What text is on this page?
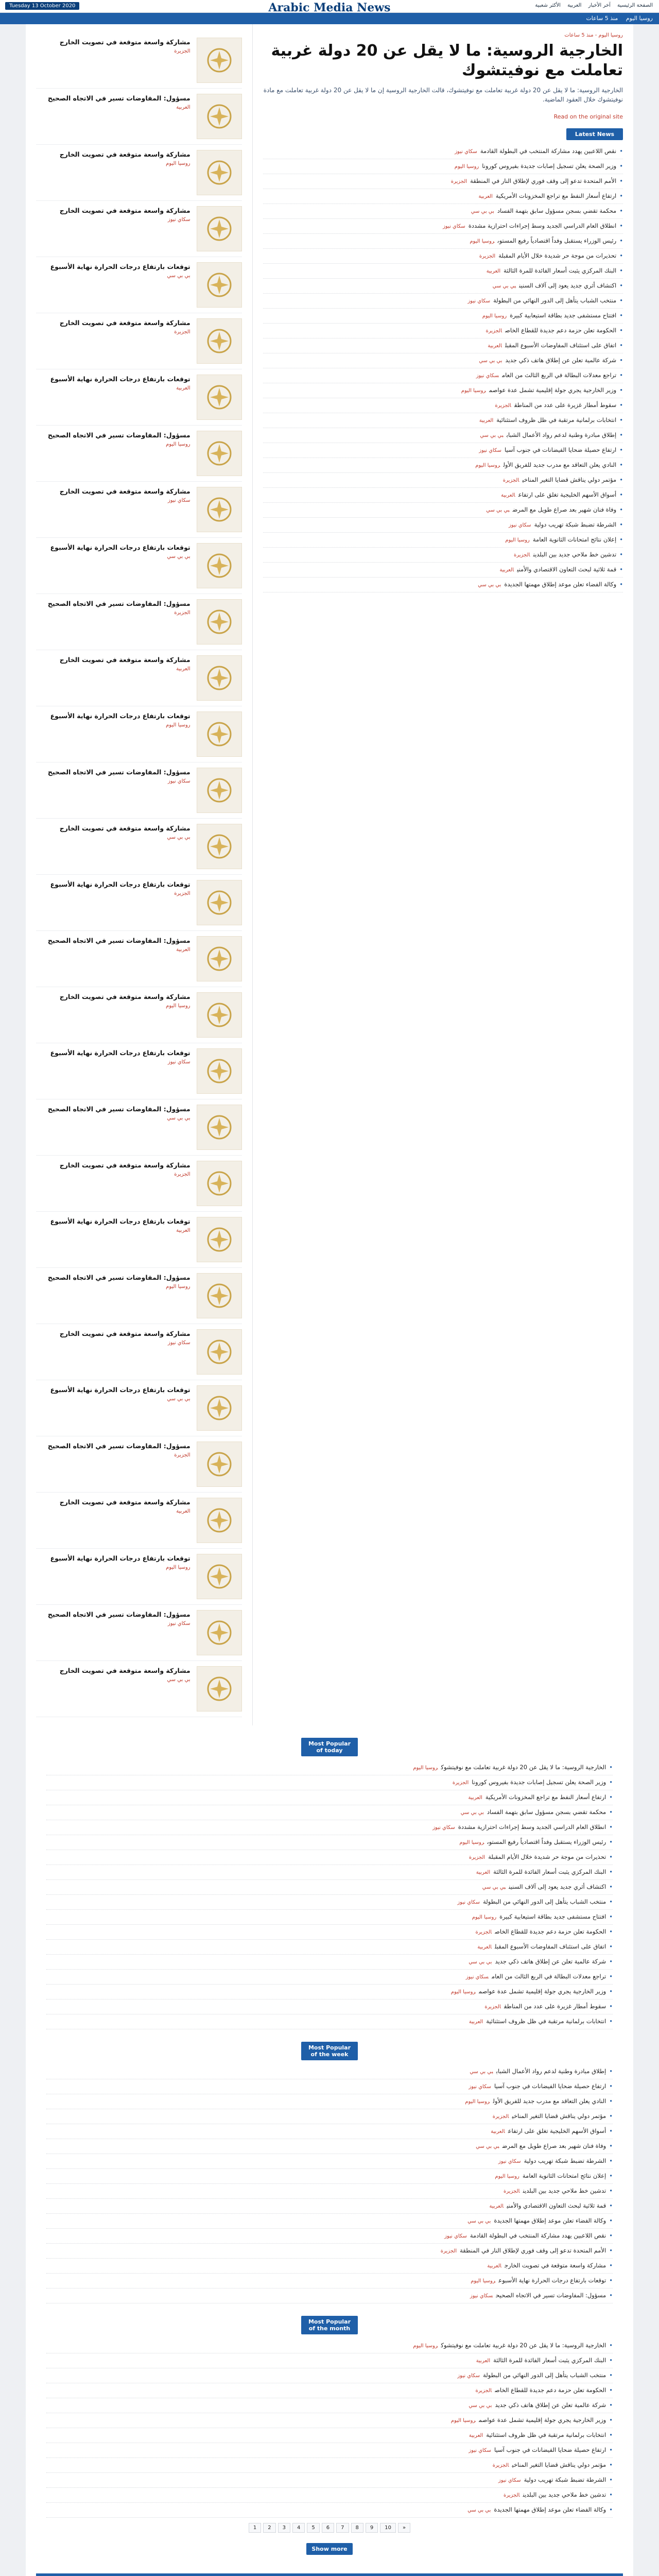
Tuesday 13 October 2020	Arabic Media News	الصفحة الرئيسية آخر الأخبار العربية الأكثر شعبية
روسيا اليوم منذ 5 ساعات
روسيا اليوم - منذ 5 ساعات
الخارجية الروسية: ما لا يقل عن 20 دولة غربية تعاملت مع نوفيتشوك
الخارجية الروسية: ما لا يقل عن 20 دولة غربية تعاملت مع نوفيتشوك، قالت الخارجية الروسية إن ما لا يقل عن 20 دولة غربية تعاملت مع مادة نوفيتشوك خلال العقود الماضية.
Read on the original site
Latest News
•نقص اللاعبين يهدد مشاركة المنتخب في البطولة القادمةسكاي نيوز
•وزير الصحة يعلن تسجيل إصابات جديدة بفيروس كوروناروسيا اليوم
•الأمم المتحدة تدعو إلى وقف فوري لإطلاق النار في المنطقةالجزيرة
•ارتفاع أسعار النفط مع تراجع المخزونات الأمريكيةالعربية
•محكمة تقضي بسجن مسؤول سابق بتهمة الفسادبي بي سي
•انطلاق العام الدراسي الجديد وسط إجراءات احترازية مشددةسكاي نيوز
•رئيس الوزراء يستقبل وفداً اقتصادياً رفيع المستوىروسيا اليوم
•تحذيرات من موجة حر شديدة خلال الأيام المقبلةالجزيرة
•البنك المركزي يثبت أسعار الفائدة للمرة الثالثةالعربية
•اكتشاف أثري جديد يعود إلى آلاف السنينبي بي سي
•منتخب الشباب يتأهل إلى الدور النهائي من البطولةسكاي نيوز
•افتتاح مستشفى جديد بطاقة استيعابية كبيرةروسيا اليوم
•الحكومة تعلن حزمة دعم جديدة للقطاع الخاصالجزيرة
•اتفاق على استئناف المفاوضات الأسبوع المقبلالعربية
•شركة عالمية تعلن عن إطلاق هاتف ذكي جديدبي بي سي
•تراجع معدلات البطالة في الربع الثالث من العامسكاي نيوز
•وزير الخارجية يجري جولة إقليمية تشمل عدة عواصمروسيا اليوم
•سقوط أمطار غزيرة على عدد من المناطقالجزيرة
•انتخابات برلمانية مرتقبة في ظل ظروف استثنائيةالعربية
•إطلاق مبادرة وطنية لدعم رواد الأعمال الشباببي بي سي
•ارتفاع حصيلة ضحايا الفيضانات في جنوب آسياسكاي نيوز
•النادي يعلن التعاقد مع مدرب جديد للفريق الأولروسيا اليوم
•مؤتمر دولي يناقش قضايا التغير المناخيالجزيرة
•أسواق الأسهم الخليجية تغلق على ارتفاعالعربية
•وفاة فنان شهير بعد صراع طويل مع المرضبي بي سي
•الشرطة تضبط شبكة تهريب دوليةسكاي نيوز
•إعلان نتائج امتحانات الثانوية العامةروسيا اليوم
•تدشين خط ملاحي جديد بين البلدينالجزيرة
•قمة ثلاثية لبحث التعاون الاقتصادي والأمنيالعربية
•وكالة الفضاء تعلن موعد إطلاق مهمتها الجديدةبي بي سي
مشاركة واسعة متوقعة في تصويت الخارج
الجزيرة
مسؤول: المفاوضات تسير في الاتجاه الصحيح
العربية
مشاركة واسعة متوقعة في تصويت الخارج
روسيا اليوم
مشاركة واسعة متوقعة في تصويت الخارج
سكاي نيوز
توقعات بارتفاع درجات الحرارة نهاية الأسبوع
بي بي سي
مشاركة واسعة متوقعة في تصويت الخارج
الجزيرة
توقعات بارتفاع درجات الحرارة نهاية الأسبوع
العربية
مسؤول: المفاوضات تسير في الاتجاه الصحيح
روسيا اليوم
مشاركة واسعة متوقعة في تصويت الخارج
سكاي نيوز
توقعات بارتفاع درجات الحرارة نهاية الأسبوع
بي بي سي
مسؤول: المفاوضات تسير في الاتجاه الصحيح
الجزيرة
مشاركة واسعة متوقعة في تصويت الخارج
العربية
توقعات بارتفاع درجات الحرارة نهاية الأسبوع
روسيا اليوم
مسؤول: المفاوضات تسير في الاتجاه الصحيح
سكاي نيوز
مشاركة واسعة متوقعة في تصويت الخارج
بي بي سي
توقعات بارتفاع درجات الحرارة نهاية الأسبوع
الجزيرة
مسؤول: المفاوضات تسير في الاتجاه الصحيح
العربية
مشاركة واسعة متوقعة في تصويت الخارج
روسيا اليوم
توقعات بارتفاع درجات الحرارة نهاية الأسبوع
سكاي نيوز
مسؤول: المفاوضات تسير في الاتجاه الصحيح
بي بي سي
مشاركة واسعة متوقعة في تصويت الخارج
الجزيرة
توقعات بارتفاع درجات الحرارة نهاية الأسبوع
العربية
مسؤول: المفاوضات تسير في الاتجاه الصحيح
روسيا اليوم
مشاركة واسعة متوقعة في تصويت الخارج
سكاي نيوز
توقعات بارتفاع درجات الحرارة نهاية الأسبوع
بي بي سي
مسؤول: المفاوضات تسير في الاتجاه الصحيح
الجزيرة
مشاركة واسعة متوقعة في تصويت الخارج
العربية
توقعات بارتفاع درجات الحرارة نهاية الأسبوع
روسيا اليوم
مسؤول: المفاوضات تسير في الاتجاه الصحيح
سكاي نيوز
مشاركة واسعة متوقعة في تصويت الخارج
بي بي سي
Most Popular of today
•الخارجية الروسية: ما لا يقل عن 20 دولة غربية تعاملت مع نوفيتشوكروسيا اليوم
•وزير الصحة يعلن تسجيل إصابات جديدة بفيروس كوروناالجزيرة
•ارتفاع أسعار النفط مع تراجع المخزونات الأمريكيةالعربية
•محكمة تقضي بسجن مسؤول سابق بتهمة الفسادبي بي سي
•انطلاق العام الدراسي الجديد وسط إجراءات احترازية مشددةسكاي نيوز
•رئيس الوزراء يستقبل وفداً اقتصادياً رفيع المستوىروسيا اليوم
•تحذيرات من موجة حر شديدة خلال الأيام المقبلةالجزيرة
•البنك المركزي يثبت أسعار الفائدة للمرة الثالثةالعربية
•اكتشاف أثري جديد يعود إلى آلاف السنينبي بي سي
•منتخب الشباب يتأهل إلى الدور النهائي من البطولةسكاي نيوز
•افتتاح مستشفى جديد بطاقة استيعابية كبيرةروسيا اليوم
•الحكومة تعلن حزمة دعم جديدة للقطاع الخاصالجزيرة
•اتفاق على استئناف المفاوضات الأسبوع المقبلالعربية
•شركة عالمية تعلن عن إطلاق هاتف ذكي جديدبي بي سي
•تراجع معدلات البطالة في الربع الثالث من العامسكاي نيوز
•وزير الخارجية يجري جولة إقليمية تشمل عدة عواصمروسيا اليوم
•سقوط أمطار غزيرة على عدد من المناطقالجزيرة
•انتخابات برلمانية مرتقبة في ظل ظروف استثنائيةالعربية
Most Popular of the week
•إطلاق مبادرة وطنية لدعم رواد الأعمال الشباببي بي سي
•ارتفاع حصيلة ضحايا الفيضانات في جنوب آسياسكاي نيوز
•النادي يعلن التعاقد مع مدرب جديد للفريق الأولروسيا اليوم
•مؤتمر دولي يناقش قضايا التغير المناخيالجزيرة
•أسواق الأسهم الخليجية تغلق على ارتفاعالعربية
•وفاة فنان شهير بعد صراع طويل مع المرضبي بي سي
•الشرطة تضبط شبكة تهريب دوليةسكاي نيوز
•إعلان نتائج امتحانات الثانوية العامةروسيا اليوم
•تدشين خط ملاحي جديد بين البلدينالجزيرة
•قمة ثلاثية لبحث التعاون الاقتصادي والأمنيالعربية
•وكالة الفضاء تعلن موعد إطلاق مهمتها الجديدةبي بي سي
•نقص اللاعبين يهدد مشاركة المنتخب في البطولة القادمةسكاي نيوز
•الأمم المتحدة تدعو إلى وقف فوري لإطلاق النار في المنطقةالجزيرة
•مشاركة واسعة متوقعة في تصويت الخارجالعربية
•توقعات بارتفاع درجات الحرارة نهاية الأسبوعروسيا اليوم
•مسؤول: المفاوضات تسير في الاتجاه الصحيحسكاي نيوز
Most Popular of the month
•الخارجية الروسية: ما لا يقل عن 20 دولة غربية تعاملت مع نوفيتشوكروسيا اليوم
•البنك المركزي يثبت أسعار الفائدة للمرة الثالثةالعربية
•منتخب الشباب يتأهل إلى الدور النهائي من البطولةسكاي نيوز
•الحكومة تعلن حزمة دعم جديدة للقطاع الخاصالجزيرة
•شركة عالمية تعلن عن إطلاق هاتف ذكي جديدبي بي سي
•وزير الخارجية يجري جولة إقليمية تشمل عدة عواصمروسيا اليوم
•انتخابات برلمانية مرتقبة في ظل ظروف استثنائيةالعربية
•ارتفاع حصيلة ضحايا الفيضانات في جنوب آسياسكاي نيوز
•مؤتمر دولي يناقش قضايا التغير المناخيالجزيرة
•الشرطة تضبط شبكة تهريب دوليةسكاي نيوز
•تدشين خط ملاحي جديد بين البلدينالجزيرة
•وكالة الفضاء تعلن موعد إطلاق مهمتها الجديدةبي بي سي
1 2 3 4 5 6 7 8 9 10 »
Show more
